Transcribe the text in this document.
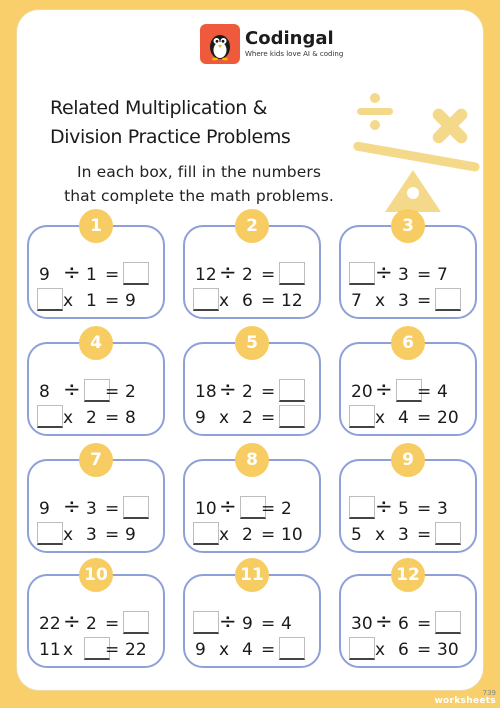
Codingal
Where kids love AI & coding
Related Multiplication &
Division Practice Problems
In each box, fill in the numbers
that complete the math problems.
1
9 ÷ 1 =
x 1 = 9
2
12 ÷ 2 =
x 6 = 12
3
÷ 3 = 7
7 x 3 =
4
8 ÷ = 2
x 2 = 8
5
18 ÷ 2 =
9 x 2 =
6
20 ÷ = 4
x 4 = 20
7
9 ÷ 3 =
x 3 = 9
8
10 ÷ = 2
x 2 = 10
9
÷ 5 = 3
5 x 3 =
10
22 ÷ 2 =
11 x = 22
11
÷ 9 = 4
9 x 4 =
12
30 ÷ 6 =
x 6 = 30
739
worksheets
